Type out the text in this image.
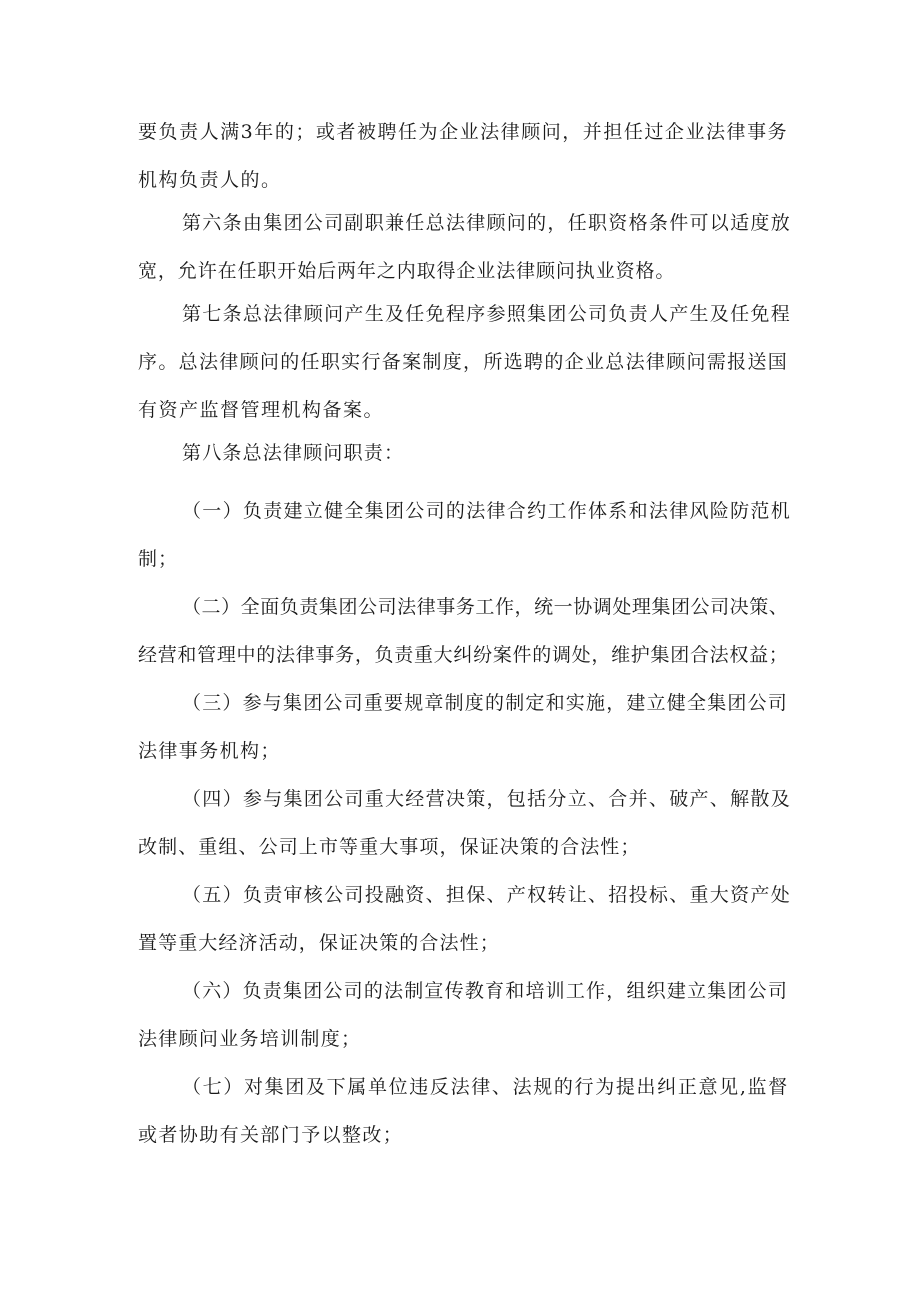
要负责人满3年的；或者被聘任为企业法律顾问，并担任过企业法律事务
机构负责人的。
第六条由集团公司副职兼任总法律顾问的，任职资格条件可以适度放
宽，允许在任职开始后两年之内取得企业法律顾问执业资格。
第七条总法律顾问产生及任免程序参照集团公司负责人产生及任免程
序。总法律顾问的任职实行备案制度，所选聘的企业总法律顾问需报送国
有资产监督管理机构备案。
第八条总法律顾问职责：
（一）负责建立健全集团公司的法律合约工作体系和法律风险防范机
制；
（二）全面负责集团公司法律事务工作，统一协调处理集团公司决策、
经营和管理中的法律事务，负责重大纠纷案件的调处，维护集团合法权益；
（三）参与集团公司重要规章制度的制定和实施，建立健全集团公司
法律事务机构；
（四）参与集团公司重大经营决策，包括分立、合并、破产、解散及
改制、重组、公司上市等重大事项，保证决策的合法性；
（五）负责审核公司投融资、担保、产权转让、招投标、重大资产处
置等重大经济活动，保证决策的合法性；
（六）负责集团公司的法制宣传教育和培训工作，组织建立集团公司
法律顾问业务培训制度；
（七）对集团及下属单位违反法律、法规的行为提出纠正意见,监督
或者协助有关部门予以整改；
